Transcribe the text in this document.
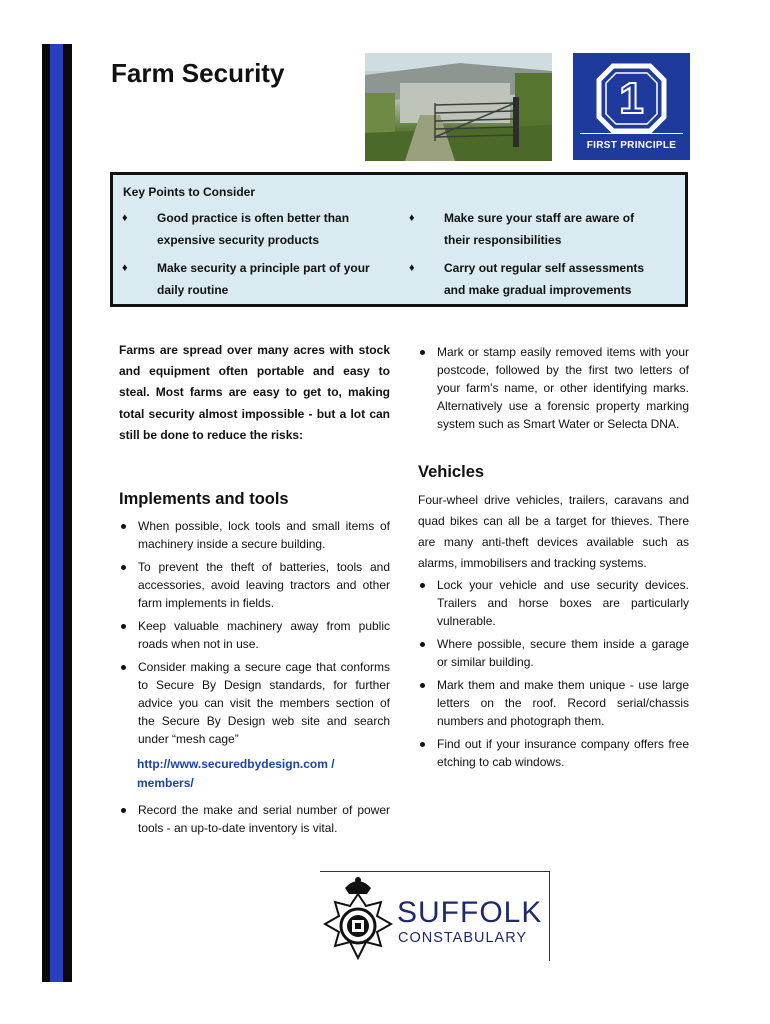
Farm Security
1
FIRST PRINCIPLE
Key Points to Consider
♦ Good practice is often better than
expensive security products
♦ Make sure your staff are aware of
their responsibilities
♦ Make security a principle part of your
daily routine
♦ Carry out regular self assessments
and make gradual improvements
Farms are spread over many acres with stock and equipment often portable and easy to steal. Most farms are easy to get to, making total security almost impossible - but a lot can still be done to reduce the risks:
Implements and tools
When possible, lock tools and small items of machinery inside a secure building.
To prevent the theft of batteries, tools and accessories, avoid leaving tractors and other farm implements in fields.
Keep valuable machinery away from public roads when not in use.
Consider making a secure cage that conforms to Secure By Design standards, for further advice you can visit the members section of the Secure By Design web site and search under “mesh cage”
http://www.securedbydesign.com / members/
Record the make and serial number of power tools - an up-to-date inventory is vital.
Mark or stamp easily removed items with your postcode, followed by the first two letters of your farm's name, or other identifying marks. Alternatively use a forensic property marking system such as Smart Water or Selecta DNA.
Vehicles

Four-wheel drive vehicles, trailers, caravans and quad bikes can all be a target for thieves. There are many anti-theft devices available such as alarms, immobilisers and tracking systems.

Lock your vehicle and use security devices. Trailers and horse boxes are particularly vulnerable.
Where possible, secure them inside a garage or similar building.
Mark them and make them unique - use large letters on the roof. Record serial/chassis numbers and photograph them.
Find out if your insurance company offers free etching to cab windows.
SUFFOLK
CONSTABULARY
